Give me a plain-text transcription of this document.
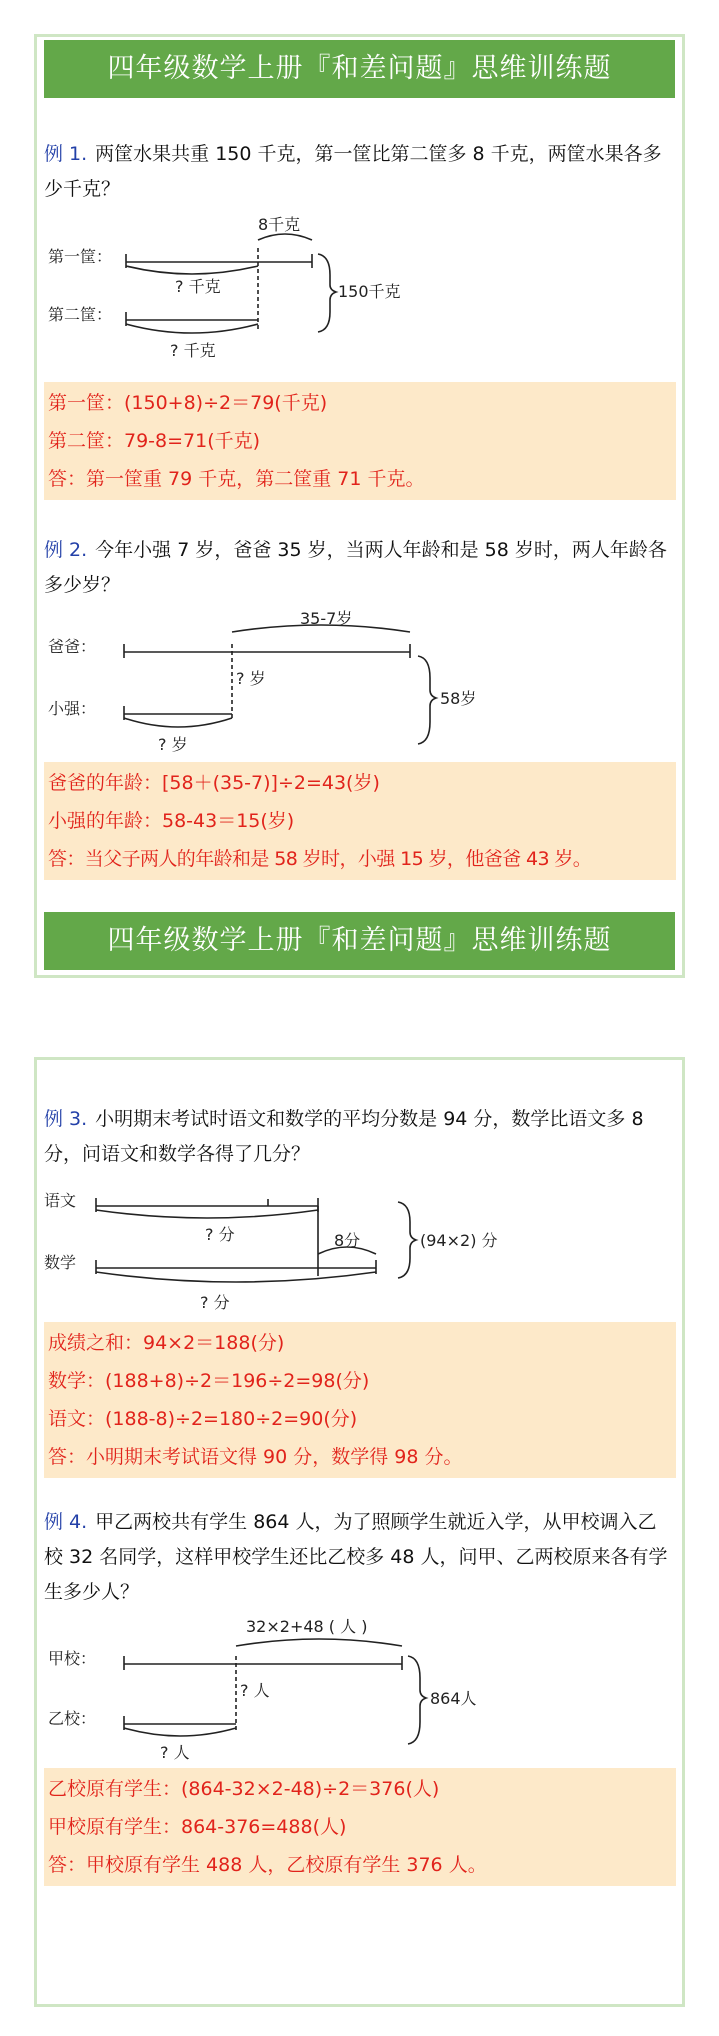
四年级数学上册『和差问题』思维训练题
例 1. 两筐水果共重 150 千克，第一筐比第二筐多 8 千克，两筐水果各多少千克？
第一筐：
第二筐：
? 千克
8千克
? 千克
150千克
第一筐：(150+8)÷2＝79(千克)
第二筐：79-8=71(千克)
答：第一筐重 79 千克，第二筐重 71 千克。
例 2. 今年小强 7 岁，爸爸 35 岁，当两人年龄和是 58 岁时，两人年龄各多少岁？
爸爸：
小强：
35-7岁
? 岁
? 岁
58岁
爸爸的年龄：[58＋(35-7)]÷2=43(岁)
小强的年龄：58-43＝15(岁)
答：当父子两人的年龄和是 58 岁时，小强 15 岁，他爸爸 43 岁。
四年级数学上册『和差问题』思维训练题
例 3. 小明期末考试时语文和数学的平均分数是 94 分，数学比语文多 8 分，问语文和数学各得了几分？
语文
数学
? 分	8分
? 分
(94×2) 分
成绩之和：94×2＝188(分)
数学：(188+8)÷2＝196÷2=98(分)
语文：(188-8)÷2=180÷2=90(分)
答：小明期末考试语文得 90 分，数学得 98 分。
例 4. 甲乙两校共有学生 864 人，为了照顾学生就近入学，从甲校调入乙校 32 名同学，这样甲校学生还比乙校多 48 人，问甲、乙两校原来各有学生多少人？
甲校：
乙校：
32×2+48 ( 人 )
? 人
? 人
864人
乙校原有学生：(864-32×2-48)÷2＝376(人)
甲校原有学生：864-376=488(人)
答：甲校原有学生 488 人，乙校原有学生 376 人。
